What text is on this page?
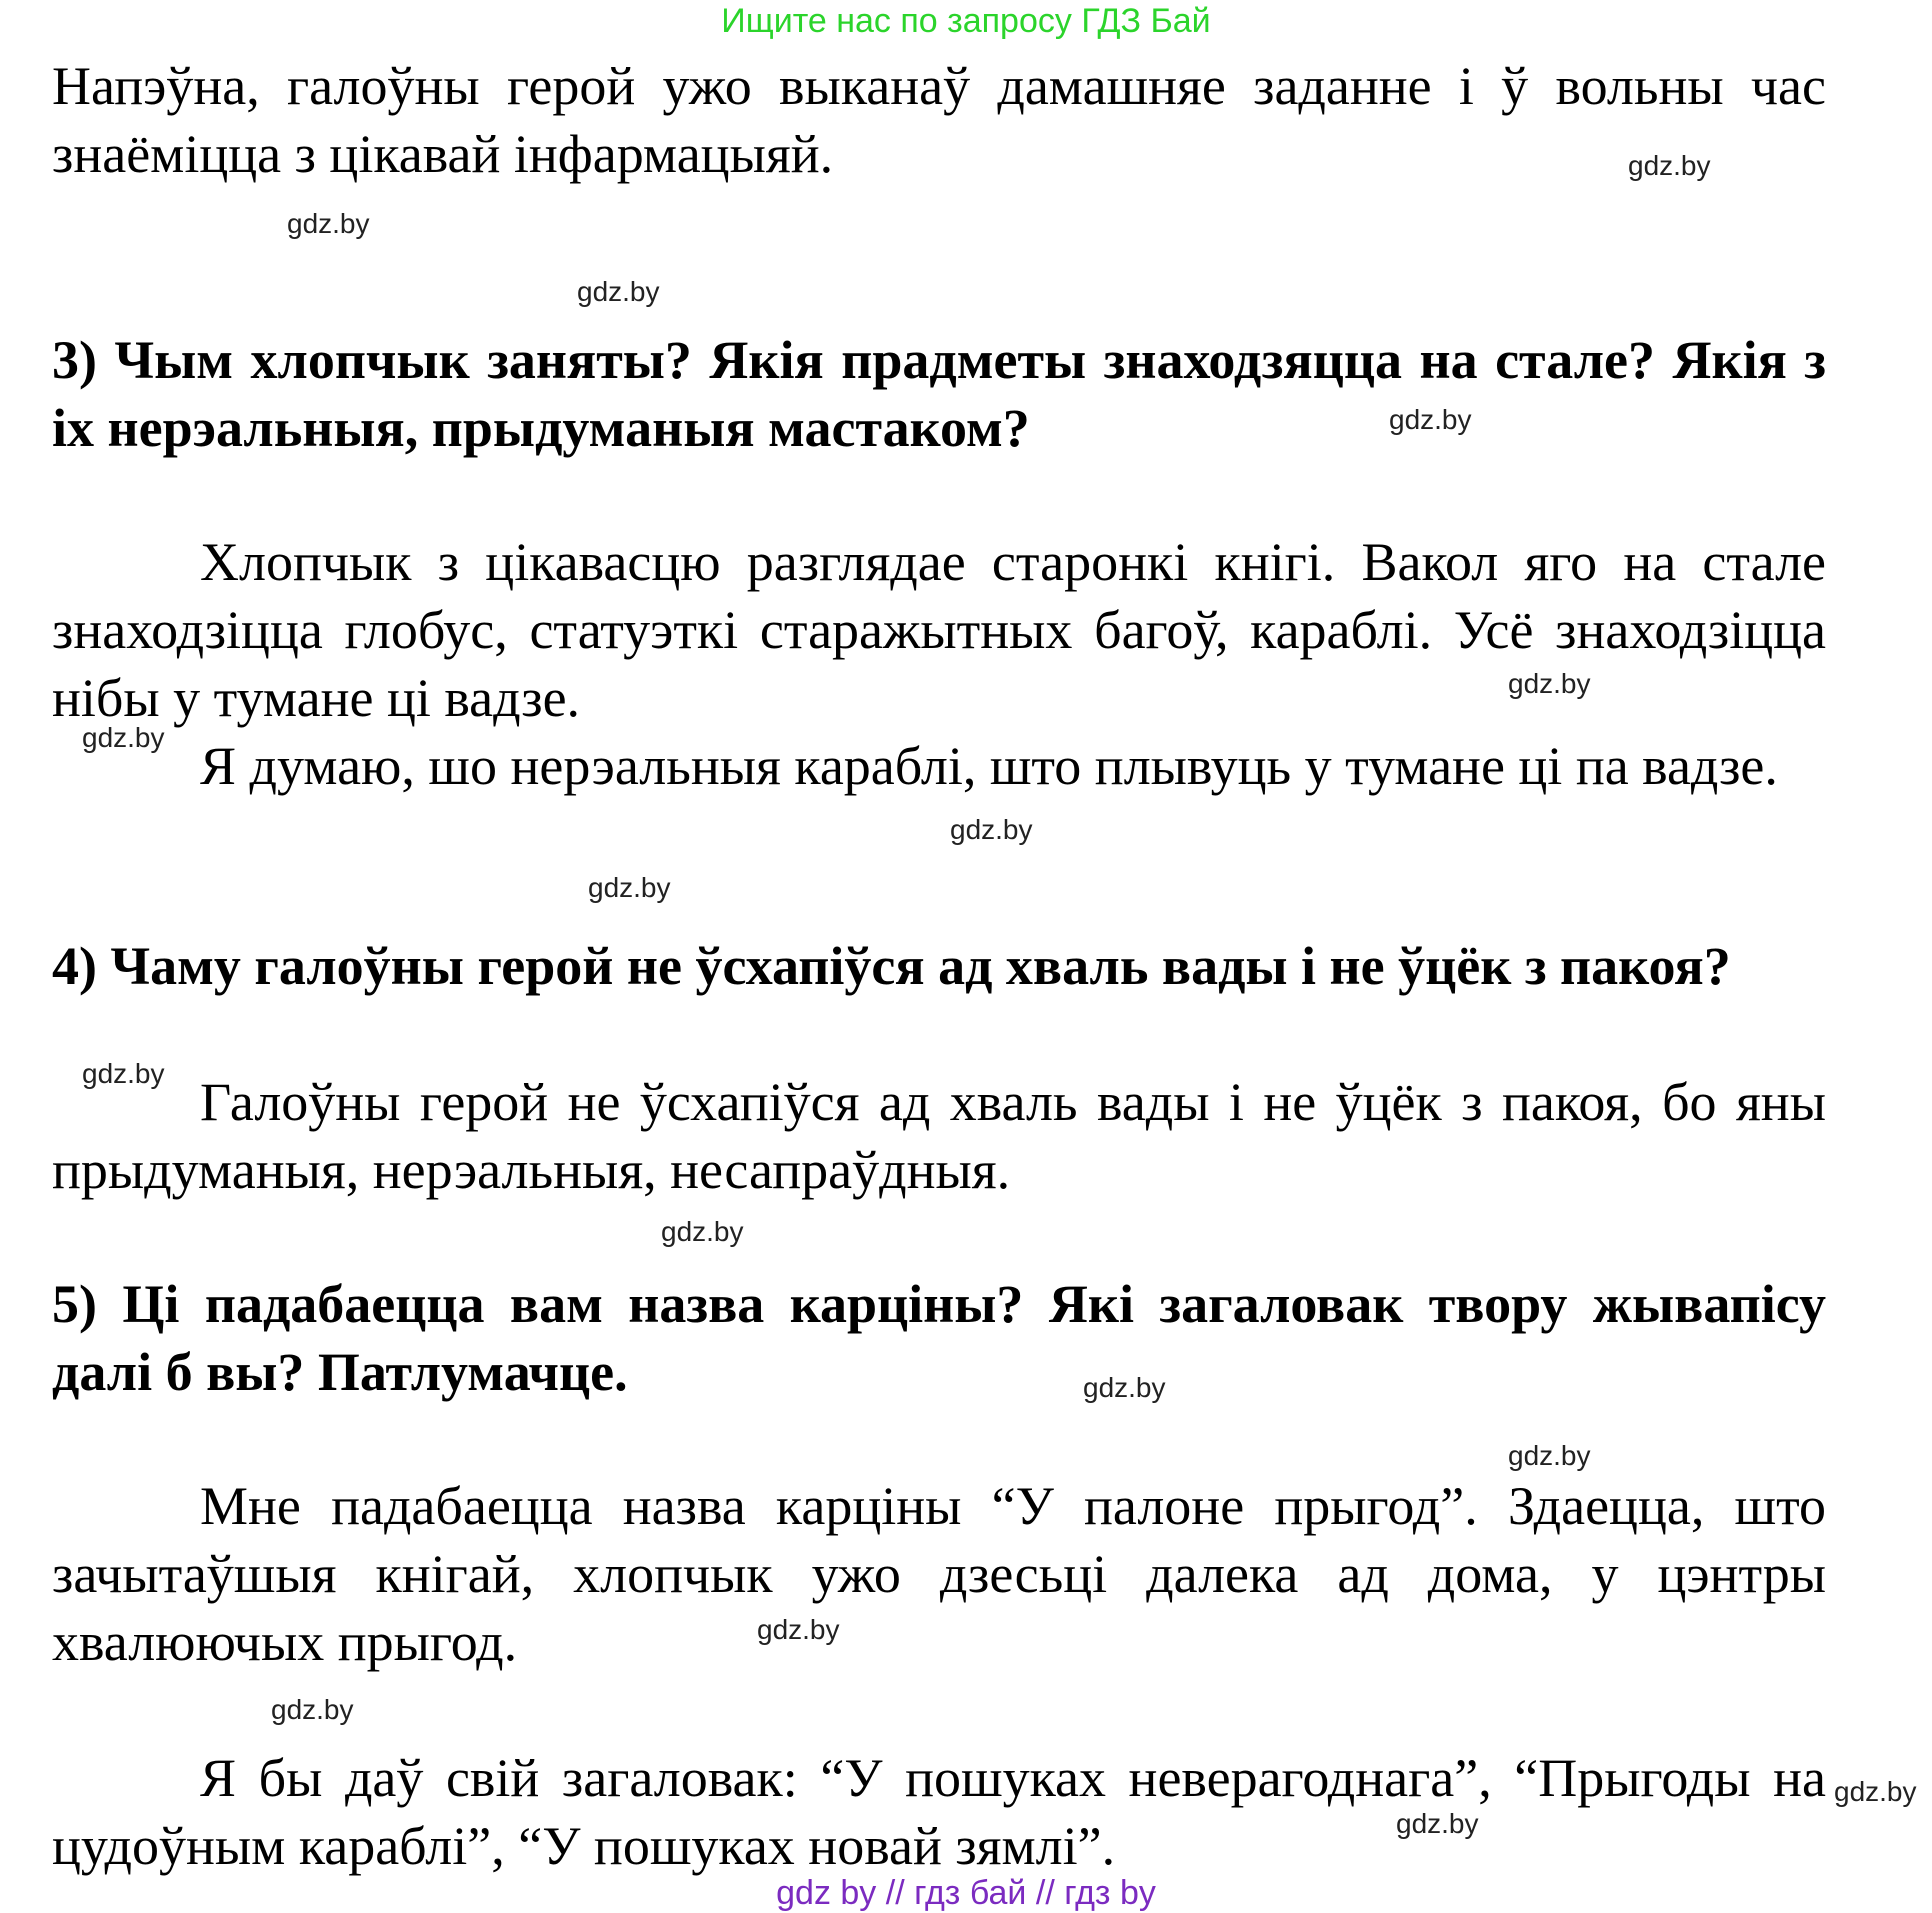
Ищите нас по запросу ГДЗ Бай

Напэўна, галоўны герой ужо выканаў дамашняе заданне і ў вольны час знаёміцца з цікавай інфармацыяй.

3) Чым хлопчык заняты? Якія прадметы знаходзяцца на стале? Якія з іх нерэальныя, прыдуманыя мастаком?

Хлопчык з цікавасцю разглядае старонкі кнігі. Вакол яго на стале знаходзіцца глобус, статуэткі старажытных багоў, караблі. Усё знаходзіцца нібы у тумане ці вадзе.

Я думаю, шо нерэальныя караблі, што плывуць у тумане ці па вадзе.

4) Чаму галоўны герой не ўсхапіўся ад хваль вады і не ўцёк з пакоя?

Галоўны герой не ўсхапіўся ад хваль вады і не ўцёк з пакоя, бо яны прыдуманыя, нерэальныя, несапраўдныя.

5) Ці падабаецца вам назва карціны? Які загаловак твору жывапісу далі б вы? Патлумачце.

Мне падабаецца назва карціны “У палоне прыгод”. Здаецца, што зачытаўшыя кнігай, хлопчык ужо дзесьці далека ад дома, у цэнтры хвалюючых прыгод.

Я бы даў свій загаловак: “У пошуках неверагоднага”, “Прыгоды на цудоўным караблі”, “У пошуках новай зямлі”.

gdz.by
gdz.by
gdz.by
gdz.by
gdz.by
gdz.by
gdz.by
gdz.by
gdz.by
gdz.by
gdz.by
gdz.by
gdz.by
gdz.by
gdz.by
gdz.by
gdz by // гдз бай // гдз by
